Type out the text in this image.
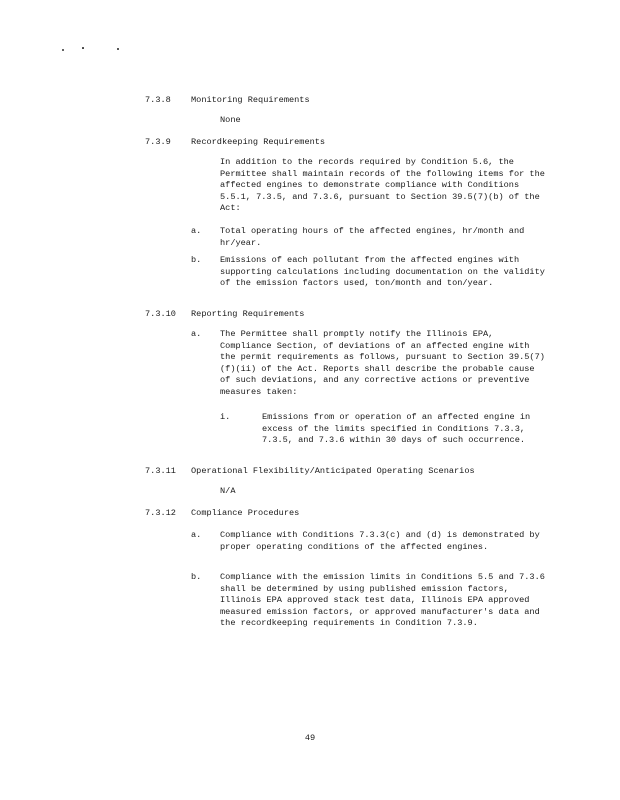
7.3.8 Monitoring Requirements
None
7.3.9 Recordkeeping Requirements
In addition to the records required by Condition 5.6, the Permittee shall maintain records of the following items for the affected engines to demonstrate compliance with Conditions 5.5.1, 7.3.5, and 7.3.6, pursuant to Section 39.5(7)(b) of the Act:
a. Total operating hours of the affected engines, hr/month and hr/year.
b. Emissions of each pollutant from the affected engines with supporting calculations including documentation on the validity of the emission factors used, ton/month and ton/year.
7.3.10 Reporting Requirements
a. The Permittee shall promptly notify the Illinois EPA, Compliance Section, of deviations of an affected engine with the permit requirements as follows, pursuant to Section 39.5(7)(f)(ii) of the Act. Reports shall describe the probable cause of such deviations, and any corrective actions or preventive measures taken:
i.	Emissions from or operation of an affected engine in excess of the limits specified in Conditions 7.3.3, 7.3.5, and 7.3.6 within 30 days of such occurrence.
7.3.11 Operational Flexibility/Anticipated Operating Scenarios
N/A
7.3.12 Compliance Procedures
a. Compliance with Conditions 7.3.3(c) and (d) is demonstrated by proper operating conditions of the affected engines.
b. Compliance with the emission limits in Conditions 5.5 and 7.3.6 shall be determined by using published emission factors, Illinois EPA approved stack test data, Illinois EPA approved measured emission factors, or approved manufacturer's data and the recordkeeping requirements in Condition 7.3.9.
49
